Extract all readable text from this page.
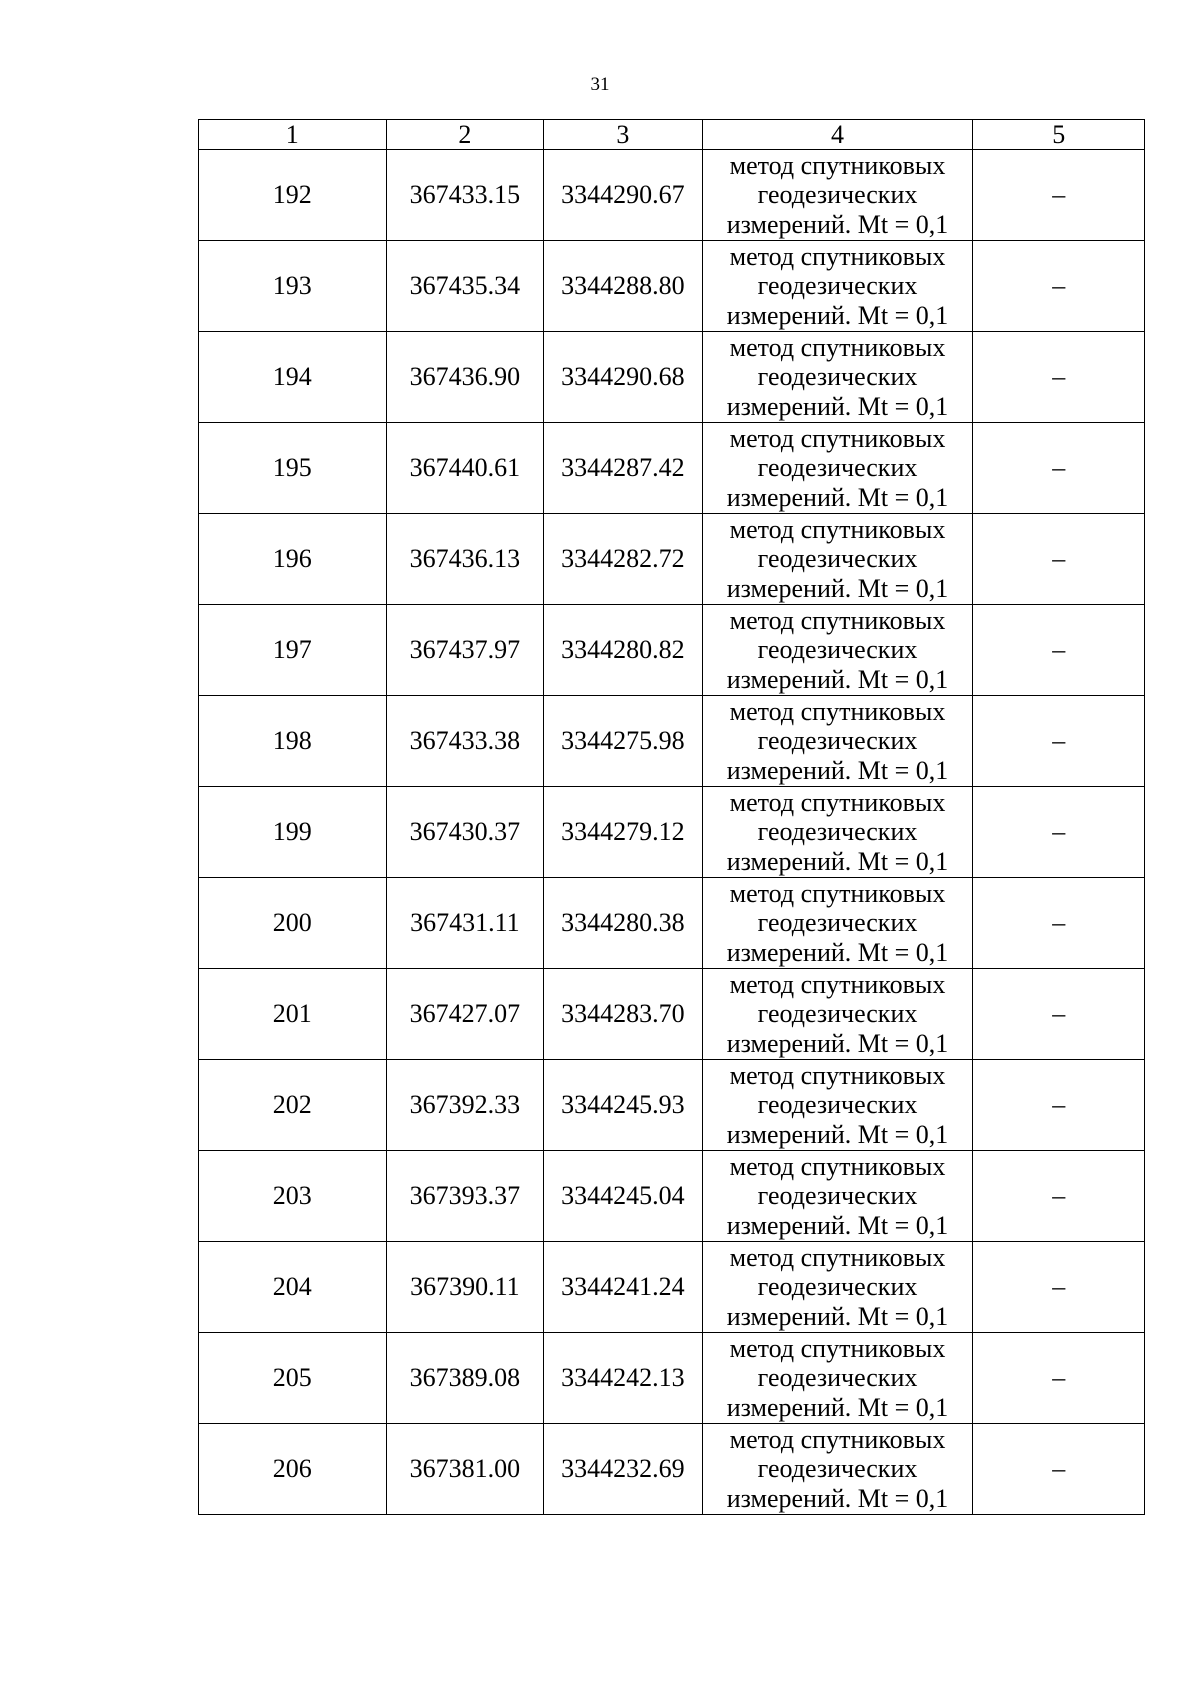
31
1	2	3	4	5
192	367433.15	3344290.67	метод спутниковых
геодезических
измерений. Mt = 0,1	–
193	367435.34	3344288.80	метод спутниковых
геодезических
измерений. Mt = 0,1	–
194	367436.90	3344290.68	метод спутниковых
геодезических
измерений. Mt = 0,1	–
195	367440.61	3344287.42	метод спутниковых
геодезических
измерений. Mt = 0,1	–
196	367436.13	3344282.72	метод спутниковых
геодезических
измерений. Mt = 0,1	–
197	367437.97	3344280.82	метод спутниковых
геодезических
измерений. Mt = 0,1	–
198	367433.38	3344275.98	метод спутниковых
геодезических
измерений. Mt = 0,1	–
199	367430.37	3344279.12	метод спутниковых
геодезических
измерений. Mt = 0,1	–
200	367431.11	3344280.38	метод спутниковых
геодезических
измерений. Mt = 0,1	–
201	367427.07	3344283.70	метод спутниковых
геодезических
измерений. Mt = 0,1	–
202	367392.33	3344245.93	метод спутниковых
геодезических
измерений. Mt = 0,1	–
203	367393.37	3344245.04	метод спутниковых
геодезических
измерений. Mt = 0,1	–
204	367390.11	3344241.24	метод спутниковых
геодезических
измерений. Mt = 0,1	–
205	367389.08	3344242.13	метод спутниковых
геодезических
измерений. Mt = 0,1	–
206	367381.00	3344232.69	метод спутниковых
геодезических
измерений. Mt = 0,1	–
